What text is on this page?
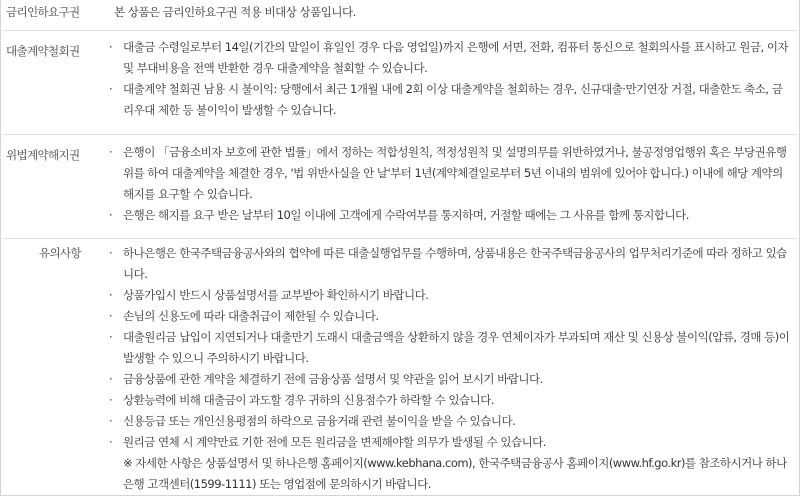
금리인하요구권	본 상품은 금리인하요구권 적용 비대상 상품입니다.
대출계약철회권	· 대출금 수령일로부터 14일(기간의 말일이 휴일인 경우 다음 영업일)까지 은행에 서면, 전화, 컴퓨터 통신으로 철회의사를 표시하고 원금, 이자 및 부대비용을 전액 반환한 경우 대출계약을 철회할 수 있습니다.
· 대출계약 철회권 남용 시 불이익: 당행에서 최근 1개월 내에 2회 이상 대출계약을 철회하는 경우, 신규대출·만기연장 거절, 대출한도 축소, 금리우대 제한 등 불이익이 발생할 수 있습니다.
위법계약해지권	· 은행이 「금융소비자 보호에 관한 법률」에서 정하는 적합성원칙, 적정성원칙 및 설명의무를 위반하였거나, 불공정영업행위 혹은 부당권유행위를 하여 대출계약을 체결한 경우, '법 위반사실을 안 날'부터 1년(계약체결일로부터 5년 이내의 범위에 있어야 합니다.) 이내에 해당 계약의 해지를 요구할 수 있습니다.
· 은행은 해지를 요구 받은 날부터 10일 이내에 고객에게 수락여부를 통지하며, 거절할 때에는 그 사유를 함께 통지합니다.
유의사항	· 하나은행은 한국주택금융공사와의 협약에 따른 대출실행업무를 수행하며, 상품내용은 한국주택금융공사의 업무처리기준에 따라 정하고 있습니다.
· 상품가입시 반드시 상품설명서를 교부받아 확인하시기 바랍니다.
· 손님의 신용도에 따라 대출취급이 제한될 수 있습니다.
· 대출원리금 납입이 지연되거나 대출만기 도래시 대출금액을 상환하지 않을 경우 연체이자가 부과되며 재산 및 신용상 불이익(압류, 경매 등)이 발생할 수 있으니 주의하시기 바랍니다.
· 금융상품에 관한 계약을 체결하기 전에 금융상품 설명서 및 약관을 읽어 보시기 바랍니다.
· 상환능력에 비해 대출금이 과도할 경우 귀하의 신용점수가 하락할 수 있습니다.
· 신용등급 또는 개인신용평점의 하락으로 금융거래 관련 불이익을 받을 수 있습니다.
· 원리금 연체 시 계약만료 기한 전에 모든 원리금을 변제해야할 의무가 발생될 수 있습니다.
※ 자세한 사항은 상품설명서 및 하나은행 홈페이지(www.kebhana.com), 한국주택금융공사 홈페이지(www.hf.go.kr)를 참조하시거나 하나은행 고객센터(1599-1111) 또는 영업점에 문의하시기 바랍니다.
